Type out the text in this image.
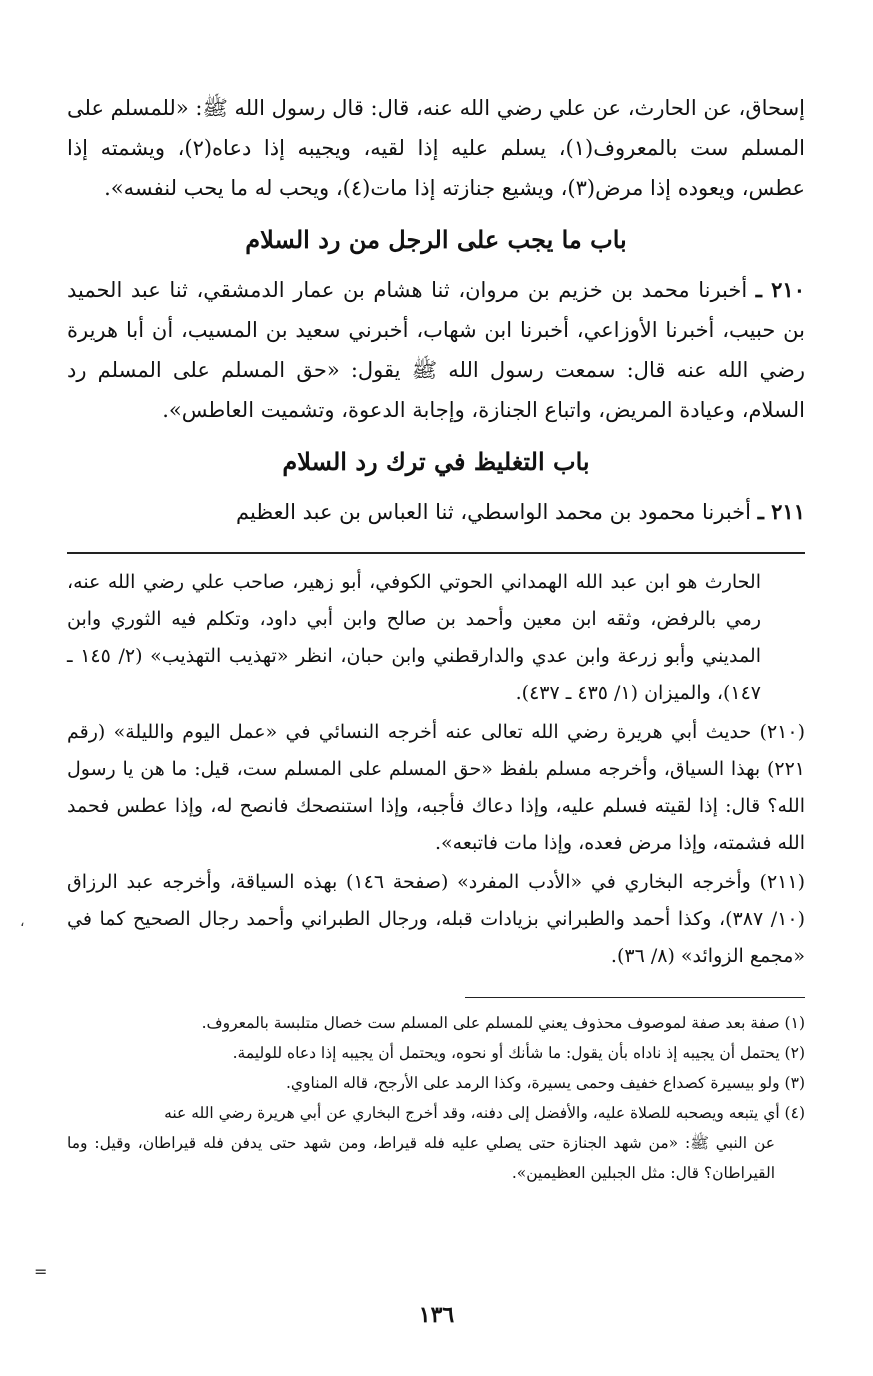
إسحاق، عن الحارث، عن علي رضي الله عنه، قال: قال رسول الله ﷺ: «للمسلم على المسلم ست بالمعروف(١)، يسلم عليه إذا لقيه، ويجيبه إذا دعاه(٢)، ويشمته إذا عطس، ويعوده إذا مرض(٣)، ويشيع جنازته إذا مات(٤)، ويحب له ما يحب لنفسه».

باب ما يجب على الرجل من رد السلام

٢١٠ ـ أخبرنا محمد بن خزيم بن مروان، ثنا هشام بن عمار الدمشقي، ثنا عبد الحميد بن حبيب، أخبرنا الأوزاعي، أخبرنا ابن شهاب، أخبرني سعيد بن المسيب، أن أبا هريرة رضي الله عنه قال: سمعت رسول الله ﷺ يقول: «حق المسلم على المسلم رد السلام، وعيادة المريض، واتباع الجنازة، وإجابة الدعوة، وتشميت العاطس».

باب التغليظ في ترك رد السلام

٢١١ ـ أخبرنا محمود بن محمد الواسطي، ثنا العباس بن عبد العظيم

الحارث هو ابن عبد الله الهمداني الحوتي الكوفي، أبو زهير، صاحب علي رضي الله عنه، رمي بالرفض، وثقه ابن معين وأحمد بن صالح وابن أبي داود، وتكلم فيه الثوري وابن المديني وأبو زرعة وابن عدي والدارقطني وابن حبان، انظر «تهذيب التهذيب» (٢/ ١٤٥ ـ ١٤٧)، والميزان (١/ ٤٣٥ ـ ٤٣٧).

(٢١٠) حديث أبي هريرة رضي الله تعالى عنه أخرجه النسائي في «عمل اليوم والليلة» (رقم ٢٢١) بهذا السياق، وأخرجه مسلم بلفظ «حق المسلم على المسلم ست، قيل: ما هن يا رسول الله؟ قال: إذا لقيته فسلم عليه، وإذا دعاك فأجبه، وإذا استنصحك فانصح له، وإذا عطس فحمد الله فشمته، وإذا مرض فعده، وإذا مات فاتبعه».

(٢١١) وأخرجه البخاري في «الأدب المفرد» (صفحة ١٤٦) بهذه السياقة، وأخرجه عبد الرزاق (١٠/ ٣٨٧)، وكذا أحمد والطبراني بزيادات قبله، ورجال الطبراني وأحمد رجال الصحيح كما في «مجمع الزوائد» (٨/ ٣٦).

(١) صفة بعد صفة لموصوف محذوف يعني للمسلم على المسلم ست خصال متلبسة بالمعروف.

(٢) يحتمل أن يجيبه إذ ناداه بأن يقول: ما شأنك أو نحوه، ويحتمل أن يجيبه إذا دعاه للوليمة.

(٣) ولو بيسيرة كصداع خفيف وحمى يسيرة، وكذا الرمد على الأرجح، قاله المناوي.

(٤) أي يتبعه ويصحبه للصلاة عليه، والأفضل إلى دفنه، وقد أخرج البخاري عن أبي هريرة رضي الله عنه

عن النبي ﷺ: «من شهد الجنازة حتى يصلي عليه فله قيراط، ومن شهد حتى يدفن فله قيراطان، وقيل: وما القيراطان؟ قال: مثل الجبلين العظيمين».

،
=
١٣٦
